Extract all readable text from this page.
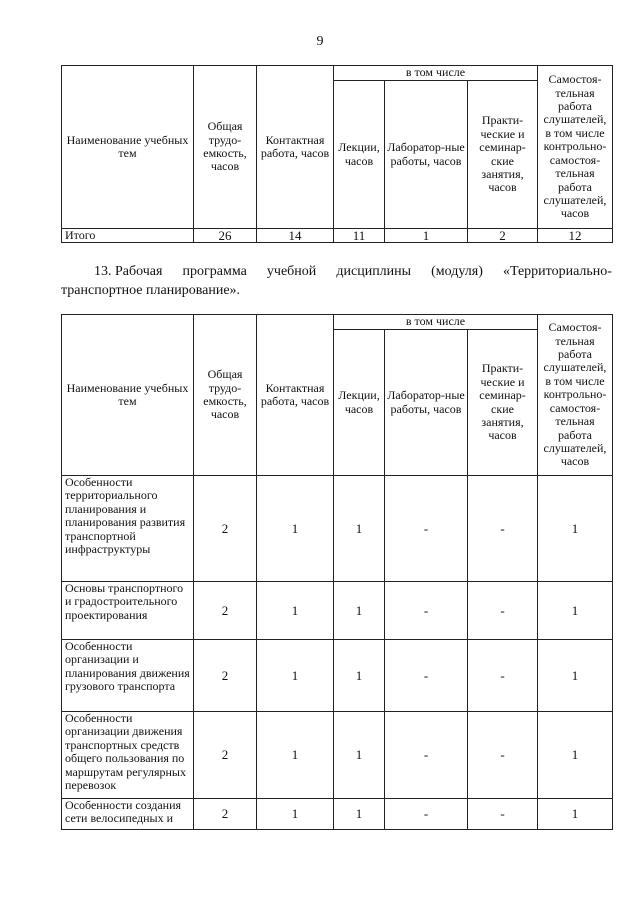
9
Наименование учебных тем	Общая трудо-емкость, часов	Контактная работа, часов	в том числе			Самостоя-тельная работа слушателей, в том числе контрольно-самостоя-тельная работа слушателей, часов
			Лекции, часов	Лаборатор-ные работы, часов	Практи-ческие и семинар-ские занятия, часов	
Итого	26	14	11	1	2	12
13. Рабочая программа учебной дисциплины (модуля) «Территориально-
транспортное планирование».
Наименование учебных тем	Общая трудо-емкость, часов	Контактная работа, часов	в том числе			Самостоя-тельная работа слушателей, в том числе контрольно-самостоя-тельная работа слушателей, часов
			Лекции, часов	Лаборатор-ные работы, часов	Практи-ческие и семинар-ские занятия, часов	
Особенности территориального планирования и планирования развития транспортной инфраструктуры	2	1	1	-	-	1
Основы транспортного и градостроительного проектирования	2	1	1	-	-	1
Особенности организации и планирования движения грузового транспорта	2	1	1	-	-	1
Особенности организации движения транспортных средств общего пользования по маршрутам регулярных перевозок	2	1	1	-	-	1
Особенности создания сети велосипедных и	2	1	1	-	-	1
